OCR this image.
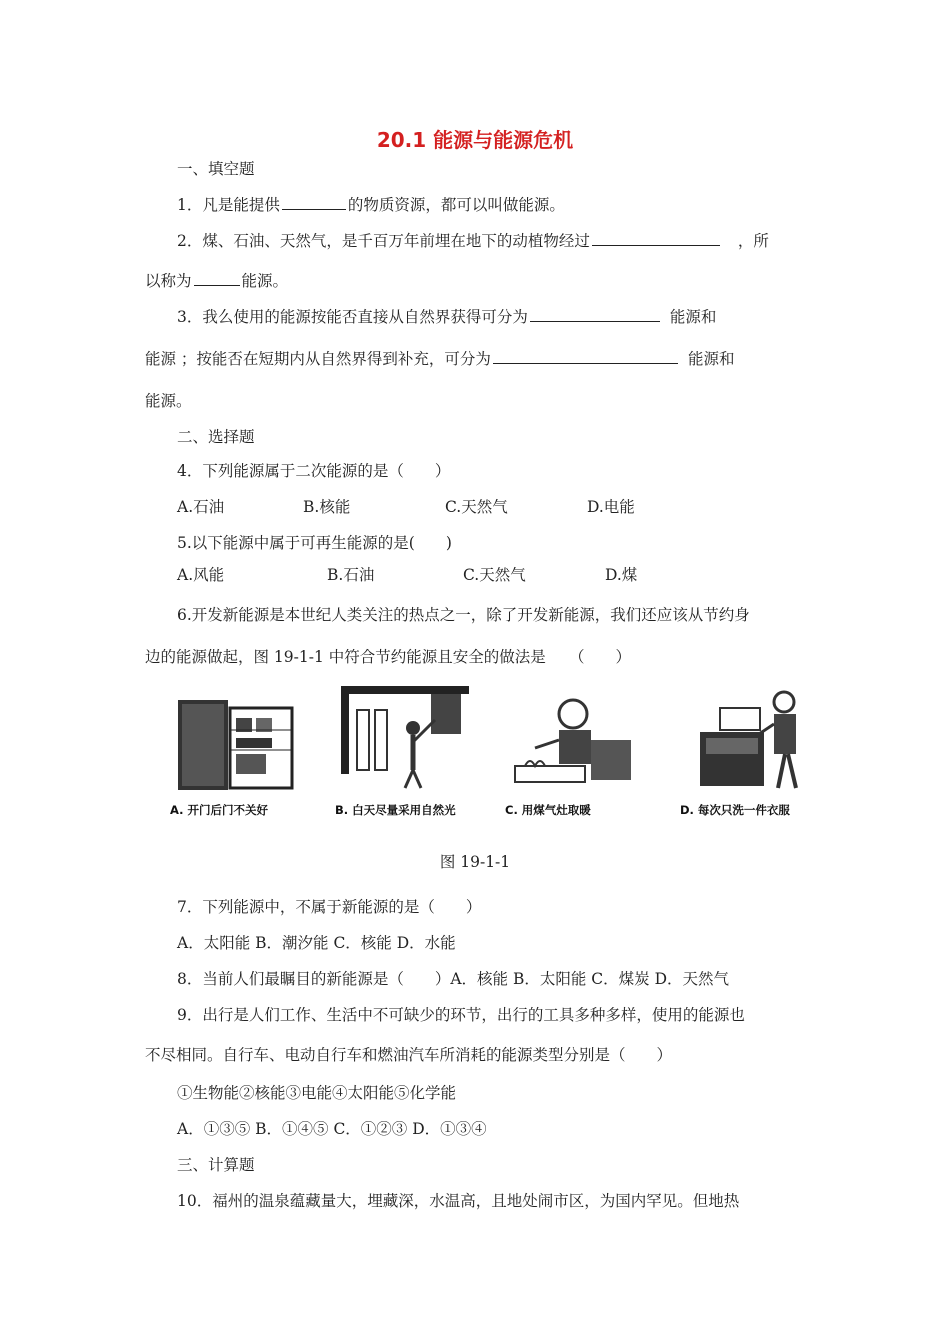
20.1 能源与能源危机
一、填空题
1．凡是能提供	的物质资源，都可以叫做能源。
2．煤、石油、天然气，是千百万年前埋在地下的动植物经过	，所
以称为	能源。
3．我么使用的能源按能否直接从自然界获得可分为	能源和
能源 ；按能否在短期内从自然界得到补充，可分为	能源和
能源。
二、选择题
4．下列能源属于二次能源的是（　　）
A.石油	B.核能	C.天然气	D.电能
5.以下能源中属于可再生能源的是(　　)
A.风能	B.石油	C.天然气	D.煤
6.开发新能源是本世纪人类关注的热点之一，除了开发新能源，我们还应该从节约身
边的能源做起，图 19-1-1 中符合节约能源且安全的做法是　　（　　）
A. 开门后门不关好	B. 白天尽量采用自然光	C. 用煤气灶取暖	D. 每次只洗一件衣服
图 19-1-1
7．下列能源中，不属于新能源的是（　　）
A．太阳能 B．潮汐能 C．核能 D．水能
8．当前人们最瞩目的新能源是（　　）A．核能 B．太阳能 C．煤炭 D．天然气
9．出行是人们工作、生活中不可缺少的环节，出行的工具多种多样，使用的能源也
不尽相同。自行车、电动自行车和燃油汽车所消耗的能源类型分别是（　　）
①生物能②核能③电能④太阳能⑤化学能
A．①③⑤ B．①④⑤ C．①②③ D．①③④
三、计算题
10．福州的温泉蕴藏量大，埋藏深，水温高，且地处闹市区，为国内罕见。但地热
